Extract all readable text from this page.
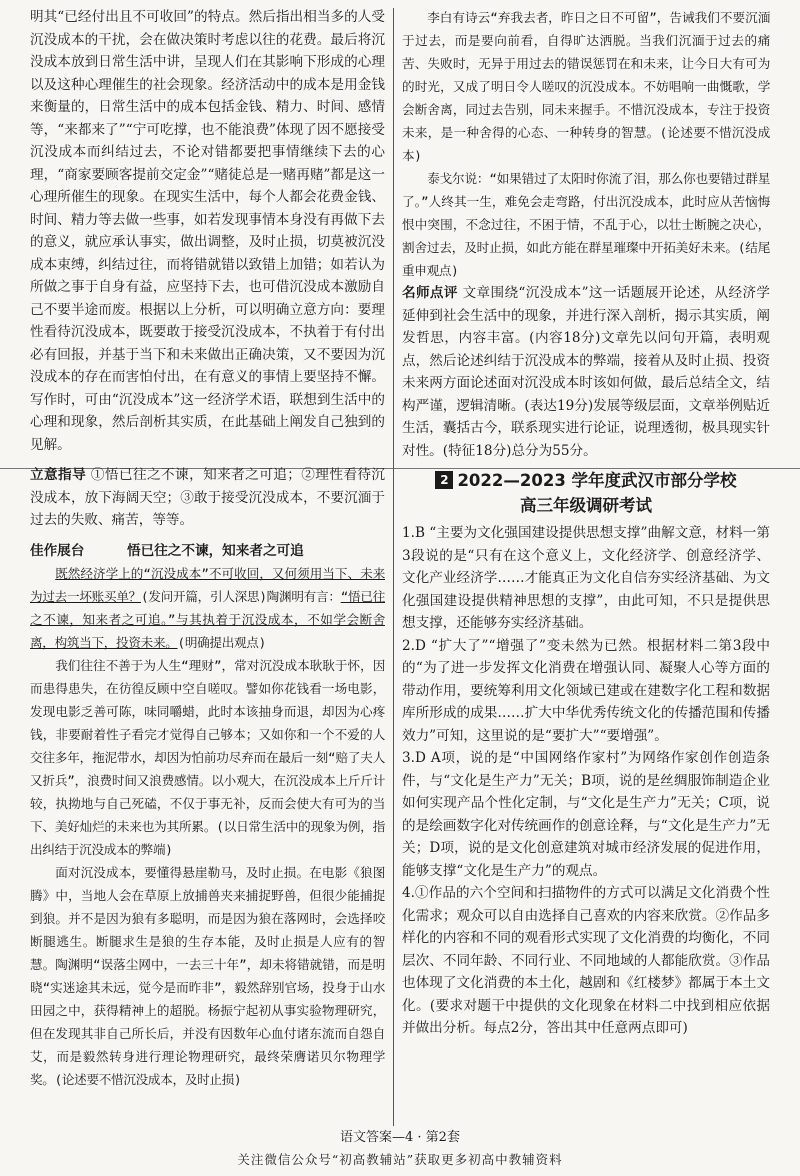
明其“已经付出且不可收回”的特点。然后指出相当多的人受沉没成本的干扰，会在做决策时考虑以往的花费。最后将沉没成本放到日常生活中讲，呈现人们在其影响下形成的心理以及这种心理催生的社会现象。经济活动中的成本是用金钱来衡量的，日常生活中的成本包括金钱、精力、时间、感情等，“来都来了”“宁可吃撑，也不能浪费”体现了因不愿接受沉没成本而纠结过去，不论对错都要把事情继续下去的心理，“商家要顾客提前交定金”“赌徒总是一赌再赌”都是这一心理所催生的现象。在现实生活中，每个人都会花费金钱、时间、精力等去做一些事，如若发现事情本身没有再做下去的意义，就应承认事实，做出调整，及时止损，切莫被沉没成本束缚，纠结过往，而将错就错以致错上加错；如若认为所做之事于自身有益，应坚持下去，也可借沉没成本激励自己不要半途而废。根据以上分析，可以明确立意方向：要理性看待沉没成本，既要敢于接受沉没成本，不执着于有付出必有回报，并基于当下和未来做出正确决策，又不要因为沉没成本的存在而害怕付出，在有意义的事情上要坚持不懈。写作时，可由“沉没成本”这一经济学术语，联想到生活中的心理和现象，然后剖析其实质，在此基础上阐发自己独到的见解。

立意指导 ①悟已往之不谏，知来者之可追；②理性看待沉没成本，放下海阔天空；③敢于接受沉没成本，不要沉湎于过去的失败、痛苦，等等。

佳作展台	悟已往之不谏，知来者之可追

既然经济学上的“沉没成本”不可收回，又何须用当下、未来为过去一坏账买单？(发问开篇，引人深思)陶渊明有言：“悟已往之不谏，知来者之可追。”与其执着于沉没成本，不如学会断舍离，构筑当下，投资未来。(明确提出观点)

我们往往不善于为人生“理财”，常对沉没成本耿耿于怀，因而患得患失，在彷徨反顾中空自嗟叹。譬如你花钱看一场电影，发现电影乏善可陈，味同嚼蜡，此时本该抽身而退，却因为心疼钱，非要耐着性子看完才觉得自己够本；又如你和一个不爱的人交往多年，拖泥带水，却因为怕前功尽弃而在最后一刻“赔了夫人又折兵”，浪费时间又浪费感情。以小观大，在沉没成本上斤斤计较，执拗地与自己死磕，不仅于事无补，反而会使大有可为的当下、美好灿烂的未来也为其所累。(以日常生活中的现象为例，指出纠结于沉没成本的弊端)

面对沉没成本，要懂得悬崖勒马，及时止损。在电影《狼图腾》中，当地人会在草原上放捕兽夹来捕捉野兽，但很少能捕捉到狼。并不是因为狼有多聪明，而是因为狼在落网时，会选择咬断腿逃生。断腿求生是狼的生存本能，及时止损是人应有的智慧。陶渊明“误落尘网中，一去三十年”，却未将错就错，而是明晓“实迷途其未远，觉今是而昨非”，毅然辞别官场，投身于山水田园之中，获得精神上的超脱。杨振宁起初从事实验物理研究，但在发现其非自己所长后，并没有因数年心血付诸东流而自怨自艾，而是毅然转身进行理论物理研究，最终荣膺诺贝尔物理学奖。(论述要不惜沉没成本，及时止损)

李白有诗云“弃我去者，昨日之日不可留”，告诫我们不要沉湎于过去，而是要向前看，自得旷达洒脱。当我们沉湎于过去的痛苦、失败时，无异于用过去的错误惩罚在和未来，让今日大有可为的时光，又成了明日令人嗟叹的沉没成本。不妨唱响一曲慨歌，学会断舍离，同过去告别，同未来握手。不惜沉没成本，专注于投资未来，是一种舍得的心态、一种转身的智慧。(论述要不惜沉没成本)

泰戈尔说：“如果错过了太阳时你流了泪，那么你也要错过群星了。”人终其一生，难免会走弯路，付出沉没成本，此时应从苦恼悔恨中突围，不念过往，不困于情，不乱于心，以壮士断腕之决心，割舍过去，及时止损，如此方能在群星璀璨中开拓美好未来。(结尾重申观点)

名师点评 文章围绕“沉没成本”这一话题展开论述，从经济学延伸到社会生活中的现象，并进行深入剖析，揭示其实质，阐发哲思，内容丰富。(内容18分)文章先以问句开篇，表明观点，然后论述纠结于沉没成本的弊端，接着从及时止损、投资未来两方面论述面对沉没成本时该如何做，最后总结全文，结构严谨，逻辑清晰。(表达19分)发展等级层面，文章举例贴近生活，囊括古今，联系现实进行论证，说理透彻，极具现实针对性。(特征18分)总分为55分。

2 2022—2023 学年度武汉市部分学校
高三年级调研考试

1.B “主要为文化强国建设提供思想支撑”曲解文意，材料一第3段说的是“只有在这个意义上，文化经济学、创意经济学、文化产业经济学……才能真正为文化自信夯实经济基础、为文化强国建设提供精神思想的支撑”，由此可知，不只是提供思想支撑，还能够夯实经济基础。

2.D “扩大了”“增强了”变未然为已然。根据材料二第3段中的“为了进一步发挥文化消费在增强认同、凝聚人心等方面的带动作用，要统筹利用文化领域已建或在建数字化工程和数据库所形成的成果……扩大中华优秀传统文化的传播范围和传播效力”可知，这里说的是“要扩大”“要增强”。

3.D A项，说的是“中国网络作家村”为网络作家创作创造条件，与“文化是生产力”无关；B项，说的是丝绸服饰制造企业如何实现产品个性化定制，与“文化是生产力”无关；C项，说的是绘画数字化对传统画作的创意诠释，与“文化是生产力”无关；D项，说的是文化创意建筑对城市经济发展的促进作用，能够支撑“文化是生产力”的观点。

4.①作品的六个空间和扫描物件的方式可以满足文化消费个性化需求；观众可以自由选择自己喜欢的内容来欣赏。②作品多样化的内容和不同的观看形式实现了文化消费的均衡化，不同层次、不同年龄、不同行业、不同地域的人都能欣赏。③作品也体现了文化消费的本土化，越剧和《红楼梦》都属于本土文化。(要求对题干中提供的文化现象在材料二中找到相应依据并做出分析。每点2分，答出其中任意两点即可)

语文答案—4 · 第2套
关注微信公众号“初高教辅站”获取更多初高中教辅资料
